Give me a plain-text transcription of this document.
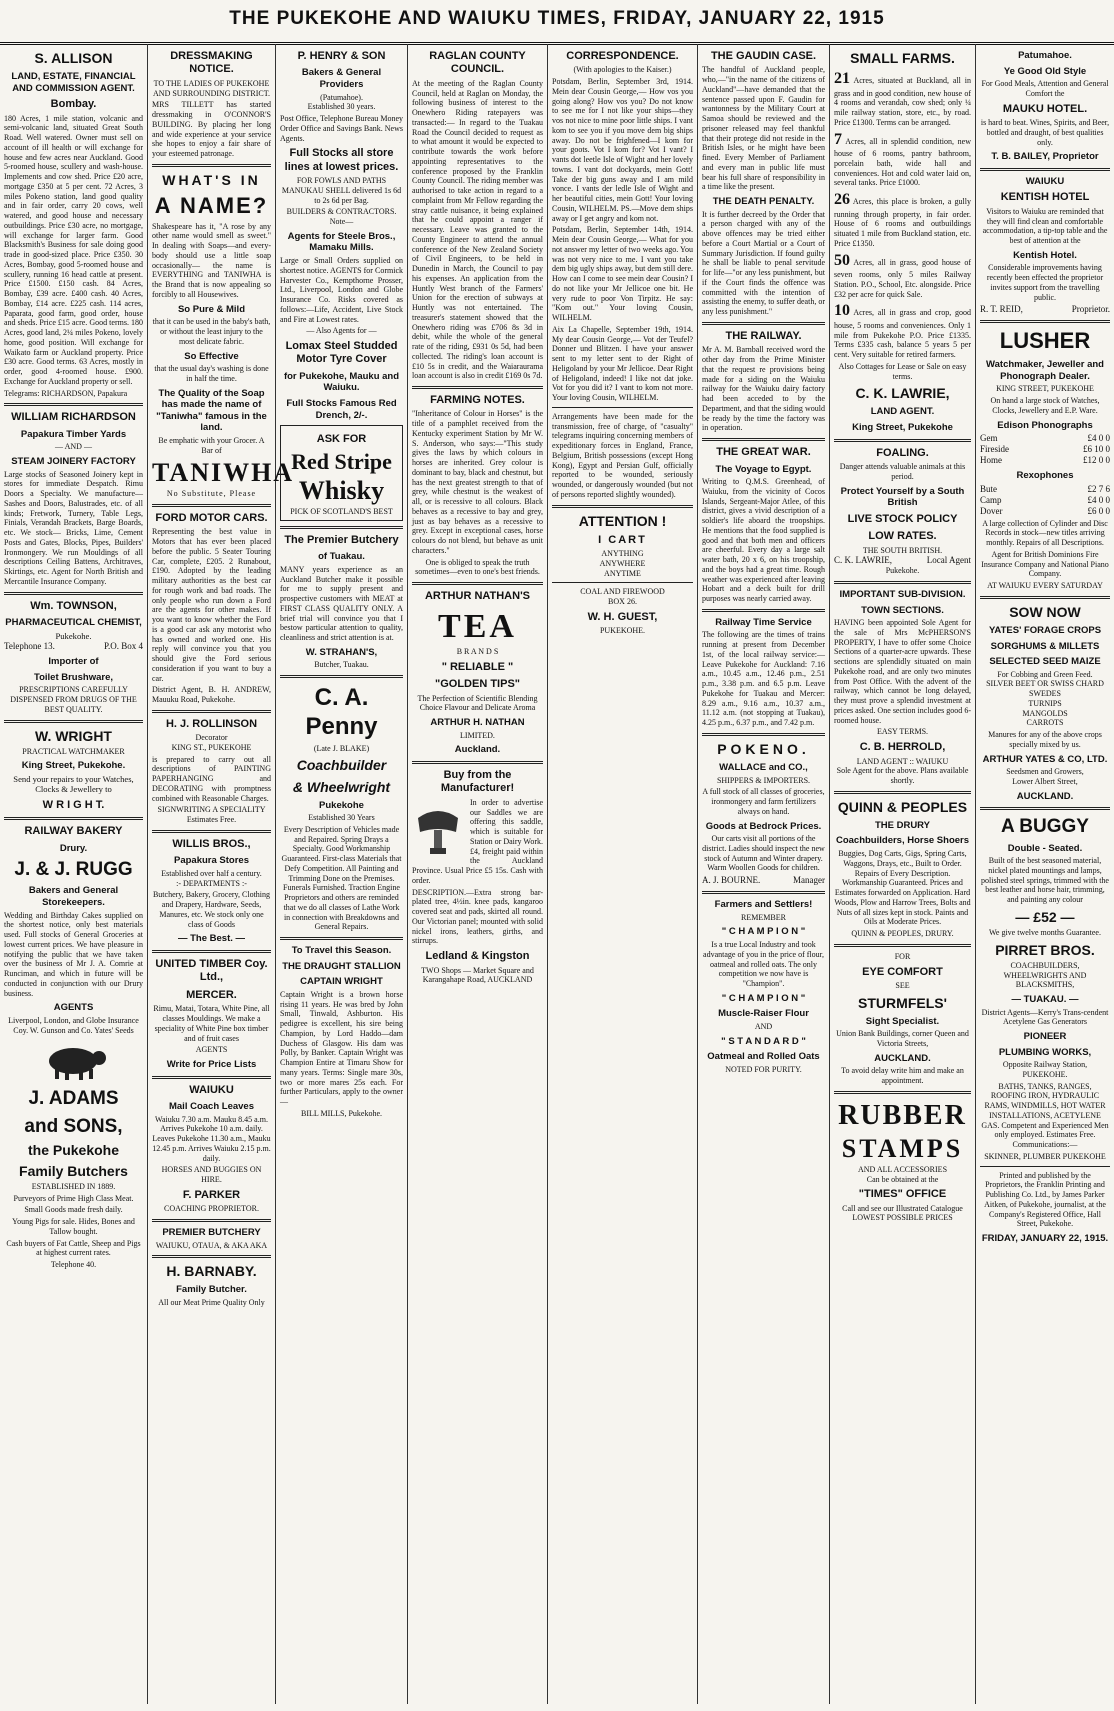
THE PUKEKOHE AND WAIUKU TIMES, FRIDAY, JANUARY 22, 1915
S. ALLISON
LAND, ESTATE, FINANCIAL AND COMMISSION AGENT.
Bombay.

180 Acres, 1 mile station, volcanic and semi-volcanic land, situated Great South Road. Well watered. Owner must sell on account of ill health or will exchange for house and few acres near Auckland. Good 5-roomed house, scullery and wash-house. Implements and cow shed. Price £20 acre, mortgage £350 at 5 per cent. 72 Acres, 3 miles Pokeno station, land good quality and in fair order, carry 20 cows, well watered, and good house and necessary outbuildings. Price £30 acre, no mortgage, will exchange for larger farm. Good Blacksmith's Business for sale doing good trade in good-sized place. Price £350. 30 Acres, Bombay, good 5-roomed house and scullery, running 16 head cattle at present. Price £1500. £150 cash. 84 Acres, Bombay, £39 acre. £400 cash. 40 Acres, Bombay, £14 acre. £225 cash. 114 acres, Paparata, good farm, good order, house and sheds. Price £15 acre. Good terms. 180 Acres, good land, 2¼ miles Pokeno, lovely home, good position. Will exchange for Waikato farm or Auckland property. Price £30 acre. Good terms. 63 Acres, mostly in order, good 4-roomed house. £900. Exchange for Auckland property or sell.

Telegrams: RICHARDSON, Papakura

WILLIAM RICHARDSON
Papakura Timber Yards
— AND —
STEAM JOINERY FACTORY

Large stocks of Seasoned Joinery kept in stores for immediate Despatch. Rimu Doors a Specialty. We manufacture— Sashes and Doors, Balustrades, etc. of all kinds; Fretwork, Turnery, Table Legs, Finials, Verandah Brackets, Barge Boards, etc. We stock— Bricks, Lime, Cement Posts and Gates, Blocks, Pipes, Builders' Ironmongery. We run Mouldings of all descriptions Ceiling Battens, Architraves, Skirtings, etc. Agent for North British and Mercantile Insurance Company.

Wm. TOWNSON,
PHARMACEUTICAL CHEMIST,
Pukekohe.
Telephone 13.	P.O. Box 4
Importer of
Toilet Brushware,

PRESCRIPTIONS CAREFULLY DISPENSED FROM DRUGS OF THE BEST QUALITY.

W. WRIGHT
PRACTICAL WATCHMAKER
King Street, Pukekohe.

Send your repairs to your Watches, Clocks & Jewellery to

W R I G H T.
RAILWAY BAKERY
Drury.
J. & J. RUGG
Bakers and General Storekeepers.

Wedding and Birthday Cakes supplied on the shortest notice, only best materials used. Full stocks of General Groceries at lowest current prices. We have pleasure in notifying the public that we have taken over the business of Mr J. A. Comrie at Runciman, and which in future will be conducted in conjunction with our Drury business.

AGENTS

Liverpool, London, and Globe Insurance Coy. W. Gunson and Co. Yates' Seeds

J. ADAMS
and SONS,
the Pukekohe
Family Butchers
ESTABLISHED IN 1889.

Purveyors of Prime High Class Meat.

Small Goods made fresh daily.

Young Pigs for sale. Hides, Bones and Tallow bought.

Cash buyers of Fat Cattle, Sheep and Pigs at highest current rates.

Telephone 40.
DRESSMAKING NOTICE.
TO THE LADIES OF PUKEKOHE AND SURROUNDING DISTRICT.

MRS TILLETT has started dressmaking in O'CONNOR'S BUILDING. By placing her long and wide experience at your service she hopes to enjoy a fair share of your esteemed patronage.

WHAT'S IN
A NAME?

Shakespeare has it, "A rose by any other name would smell as sweet." In dealing with Soaps—and every-body should use a little soap occasionally— the name is EVERYTHING and TANIWHA is the Brand that is now appealing so forcibly to all Housewives.

So Pure & Mild

that it can be used in the baby's bath, or without the least injury to the most delicate fabric.

So Effective

that the usual day's washing is done in half the time.

The Quality of the Soap has made the name of "Taniwha" famous in the land.

Be emphatic with your Grocer. A Bar of

TANIWHA
No Substitute, Please
FORD MOTOR CARS.

Representing the best value in Motors that has ever been placed before the public. 5 Seater Touring Car, complete, £205. 2 Runabout, £190. Adopted by the leading military authorities as the best car for rough work and bad roads. The only people who run down a Ford are the agents for other makes. If you want to know whether the Ford is a good car ask any motorist who has owned and worked one. His reply will convince you that you should give the Ford serious consideration if you want to buy a car.

District Agent, B. H. ANDREW, Mauuku Road, Pukekohe.

H. J. ROLLINSON
Decorator
KING ST., PUKEKOHE

is prepared to carry out all descriptions of PAINTING PAPERHANGING and DECORATING with promptness combined with Reasonable Charges.

SIGNWRITING A SPECIALITY
Estimates Free.
WILLIS BROS.,
Papakura Stores
Established over half a century.
:- DEPARTMENTS :-

Butchery, Bakery, Grocery, Clothing and Drapery, Hardware, Seeds, Manures, etc. We stock only one class of Goods

— The Best. —
UNITED TIMBER Coy. Ltd.,
MERCER.

Rimu, Matai, Totara, White Pine, all classes Mouldings. We make a speciality of White Pine box timber and of fruit cases

AGENTS
Write for Price Lists
WAIUKU
Mail Coach Leaves

Waiuku 7.30 a.m. Mauku 8.45 a.m. Arrives Pukekohe 10 a.m. daily. Leaves Pukekohe 11.30 a.m., Mauku 12.45 p.m. Arrives Waiuku 2.15 p.m. daily.

HORSES AND BUGGIES ON HIRE.
F. PARKER
COACHING PROPRIETOR.
PREMIER BUTCHERY
WAIUKU, OTAUA, & AKA AKA
H. BARNABY.
Family Butcher.
All our Meat Prime Quality Only
P. HENRY & SON
Bakers & General Providers
(Patumahoe).
Established 30 years.

Post Office, Telephone Bureau Money Order Office and Savings Bank. News Agents.

Full Stocks all store lines at lowest prices.

FOR FOWLS AND PATHS MANUKAU SHELL delivered 1s 6d to 2s 6d per Bag.

BUILDERS & CONTRACTORS. Note—
Agents for Steele Bros., Mamaku Mills.

Large or Small Orders supplied on shortest notice. AGENTS for Cormick Harvester Co., Kempthorne Prosser, Ltd., Liverpool, London and Globe Insurance Co. Risks covered as follows:—Life, Accident, Live Stock and Fire at Lowest rates.

— Also Agents for —
Lomax Steel Studded Motor Tyre Cover
for Pukekohe, Mauku and Waiuku.
Full Stocks Famous Red Drench, 2/-.
ASK FOR
Red Stripe
Whisky
PICK OF SCOTLAND'S BEST
The Premier Butchery
of Tuakau.

MANY years experience as an Auckland Butcher make it possible for me to supply present and prospective customers with MEAT at FIRST CLASS QUALITY ONLY. A brief trial will convince you that I bestow particular attention to quality, cleanliness and strict attention is at.

W. STRAHAN'S,
Butcher, Tuakau.
C. A. Penny
(Late J. BLAKE)
Coachbuilder
& Wheelwright
Pukekohe
Established 30 Years

Every Description of Vehicles made and Repaired. Spring Drays a Specialty. Good Workmanship Guaranteed. First-class Materials that Defy Competition. All Painting and Trimming Done on the Premises. Funerals Furnished. Traction Engine Proprietors and others are reminded that we do all classes of Lathe Work in connection with Breakdowns and General Repairs.

To Travel this Season.
THE DRAUGHT STALLION
CAPTAIN WRIGHT

Captain Wright is a brown horse rising 11 years. He was bred by John Small, Tinwald, Ashburton. His pedigree is excellent, his sire being Champion, by Lord Haddo—dam Duchess of Glasgow. His dam was Polly, by Banker. Captain Wright was Champion Entire at Timaru Show for many years. Terms: Single mare 30s, two or more mares 25s each. For further Particulars, apply to the owner—

BILL MILLS, Pukekohe.
RAGLAN COUNTY COUNCIL.

At the meeting of the Raglan County Council, held at Raglan on Monday, the following business of interest to the Onewhero Riding ratepayers was transacted:— In regard to the Tuakau Road the Council decided to request as to what amount it would be expected to contribute towards the work before appointing representatives to the conference proposed by the Franklin County Council. The riding member was authorised to take action in regard to a complaint from Mr Fellow regarding the stray cattle nuisance, it being explained that he could appoint a ranger if necessary. Leave was granted to the County Engineer to attend the annual conference of the New Zealand Society of Civil Engineers, to be held in Dunedin in March, the Council to pay his expenses. An application from the Huntly West branch of the Farmers' Union for the erection of subways at Huntly was not entertained. The treasurer's statement showed that the Onewhero riding was £706 8s 3d in debit, while the whole of the general rate of the riding, £931 0s 5d, had been collected. The riding's loan account is £10 5s in credit, and the Waiaraurama loan account is also in credit £169 0s 7d.

FARMING NOTES.

"Inheritance of Colour in Horses" is the title of a pamphlet received from the Kentucky experiment Station by Mr W. S. Anderson, who says:—"This study gives the laws by which colours in horses are inherited. Grey colour is dominant to bay, black and chestnut, but has the next greatest strength to that of grey, while chestnut is the weakest of all, or is recessive to all colours. Black behaves as a recessive to bay and grey, just as bay behaves as a recessive to grey. Except in exceptional cases, horse colours do not blend, but behave as unit characters."

One is obliged to speak the truth sometimes—even to one's best friends.

ARTHUR NATHAN'S
TEA
B R A N D S
" RELIABLE "
"GOLDEN TIPS"
The Perfection of Scientific Blending
Choice Flavour and Delicate Aroma
ARTHUR H. NATHAN
LIMITED.
Auckland.
Buy from the Manufacturer!

In order to advertise our Saddles we are offering this saddle, which is suitable for Station or Dairy Work. £4, freight paid within the Auckland Province. Usual Price £5 15s. Cash with order.

DESCRIPTION.—Extra strong bar-plated tree, 4½in. knee pads, kangaroo covered seat and pads, skirted all round. Our Victorian panel; mounted with solid nickel irons, leathers, girths, and stirrups.

Ledland & Kingston
TWO Shops — Market Square and Karangahape Road, AUCKLAND
CORRESPONDENCE.
(With apologies to the Kaiser.)

Potsdam, Berlin, September 3rd, 1914. Mein dear Cousin George,— How vos you going along? How vos you? Do not know to see me for I not like your ships—they vos not nice to mine poor little ships. I vant kom to see you if you move dem big ships away. Do not be frighfened—I kom for your goots. Vot I kom for? Vot I vant? I vants dot leetle Isle of Wight and her lovely towns. I vant dot dockyards, mein Gott! Take der big guns away and I am mild vonce. I vants der ledle Isle of Wight and her beautiful cities, mein Gott! Your loving Cousin, WILHELM. PS.—Move dem ships away or I get angry and kom not.

Potsdam, Berlin, September 14th, 1914. Mein dear Cousin George,— What for you not answer my letter of two weeks ago. You was not very nice to me. I vant you take dem big ugly ships away, but dem still dere. How can I come to see mein dear Cousin? I do not like your Mr Jellicoe one bit. He very rude to poor Von Tirpitz. He say: "Kom out." Your loving Cousin, WILHELM.

Aix La Chapelle, September 19th, 1914. My dear Cousin George,— Vot der Teufel? Donner und Blitzen. I have your answer sent to my letter sent to der Right of Heligoland by your Mr Jellicoe. Dear Right of Heligoland, indeed! I like not dat joke. Vot for you did it? I vant to kom not more. Your loving Cousin, WILHELM.

Arrangements have been made for the transmission, free of charge, of "casualty" telegrams inquiring concerning members of expeditionary forces in England, France, Belgium, British possessions (except Hong Kong), Egypt and Persian Gulf, officially reported to be wounded, seriously wounded, or dangerously wounded (but not of persons reported slightly wounded).

ATTENTION !
I CART
ANYTHING
ANYWHERE
ANYTIME
COAL AND FIREWOOD
BOX 26.
W. H. GUEST,
PUKEKOHE.
THE GAUDIN CASE.

The handful of Auckland people, who,—"in the name of the citizens of Auckland"—have demanded that the sentence passed upon F. Gaudin for wantonness by the Military Court at Samoa should be reviewed and the prisoner released may feel thankful that their protege did not reside in the British Isles, or he might have been fined. Every Member of Parliament and every man in public life must bear his full share of responsibility in a time like the present.

THE DEATH PENALTY.

It is further decreed by the Order that a person charged with any of the above offences may be tried either before a Court Martial or a Court of Summary Jurisdiction. If found guilty he shall be liable to penal servitude for life—"or any less punishment, but if the Court finds the offence was committed with the intention of assisting the enemy, to suffer death, or any less punishment."

THE RAILWAY.

Mr A. M. Barnball received word the other day from the Prime Minister that the request re provisions being made for a siding on the Waiuku railway for the Waiuku dairy factory had been acceded to by the Department, and that the siding would be ready by the time the factory was in operation.

THE GREAT WAR.
The Voyage to Egypt.

Writing to Q.M.S. Greenhead, of Waiuku, from the vicinity of Cocos Islands, Sergeant-Major Atlee, of this district, gives a vivid description of a soldier's life aboard the troopships. He mentions that the food supplied is good and that both men and officers are cheerful. Every day a large salt water bath, 20 x 6, on his troopship, and the boys had a great time. Rough weather was experienced after leaving Hobart and a deck built for drill purposes was nearly carried away.

Railway Time Service

The following are the times of trains running at present from December 1st, of the local railway service:— Leave Pukekohe for Auckland: 7.16 a.m., 10.45 a.m., 12.46 p.m., 2.51 p.m., 3.38 p.m. and 6.5 p.m. Leave Pukekohe for Tuakau and Mercer: 8.29 a.m., 9.16 a.m., 10.37 a.m., 11.12 a.m. (not stopping at Tuakau), 4.25 p.m., 6.37 p.m., and 7.42 p.m.

POKENO.
WALLACE and CO.,
SHIPPERS & IMPORTERS.

A full stock of all classes of groceries, ironmongery and farm fertilizers always on hand.

Goods at Bedrock Prices.

Our carts visit all portions of the district. Ladies should inspect the new stock of Autumn and Winter drapery. Warm Woollen Goods for children.

A. J. BOURNE.	Manager
Farmers and Settlers!
REMEMBER
" C H A M P I O N "

Is a true Local Industry and took advantage of you in the price of flour, oatmeal and rolled oats. The only competition we now have is "Champion".

" C H A M P I O N "
Muscle-Raiser Flour
AND
" S T A N D A R D "
Oatmeal and Rolled Oats
NOTED FOR PURITY.
SMALL FARMS.

21 Acres, situated at Buckland, all in grass and in good condition, new house of 4 rooms and verandah, cow shed; only ¼ mile railway station, store, etc., by road. Price £1300. Terms can be arranged.

7 Acres, all in splendid condition, new house of 6 rooms, pantry bathroom, porcelain bath, wide hall and conveniences. Hot and cold water laid on, several tanks. Price £1000.

26 Acres, this place is broken, a gully running through property, in fair order. House of 6 rooms and outbuildings situated 1 mile from Buckland station, etc. Price £1350.

50 Acres, all in grass, good house of seven rooms, only 5 miles Railway Station. P.O., School, Etc. alongside. Price £32 per acre for quick Sale.

10 Acres, all in grass and crop, good house, 5 rooms and conveniences. Only 1 mile from Pukekohe P.O. Price £1335. Terms £335 cash, balance 5 years 5 per cent. Very suitable for retired farmers.

Also Cottages for Lease or Sale on easy terms.
C. K. LAWRIE,
LAND AGENT.
King Street, Pukekohe
FOALING.
Danger attends valuable animals at this period.
Protect Yourself by a South British
LIVE STOCK POLICY
LOW RATES.
THE SOUTH BRITISH.
C. K. LAWRIE,	Local Agent
Pukekohe.
IMPORTANT SUB-DIVISION.
TOWN SECTIONS.

HAVING been appointed Sole Agent for the sale of Mrs McPHERSON'S PROPERTY, I have to offer some Choice Sections of a quarter-acre upwards. These sections are splendidly situated on main Pukekohe road, and are only two minutes from Post Office. With the advent of the railway, which cannot be long delayed, they must prove a splendid investment at prices asked. One section includes good 6-roomed house.

EASY TERMS.
C. B. HERROLD,
LAND AGENT :: WAIUKU
Sole Agent for the above. Plans available shortly.
QUINN & PEOPLES
THE DRURY
Coachbuilders, Horse Shoers

Buggies, Dog Carts, Gigs, Spring Carts, Waggons, Drays, etc., Built to Order. Repairs of Every Description. Workmanship Guaranteed. Prices and Estimates forwarded on Application. Hard Woods, Plow and Harrow Trees, Bolts and Nuts of all sizes kept in stock. Paints and Oils at Moderate Prices.

QUINN & PEOPLES, DRURY.
FOR
EYE COMFORT
SEE
STURMFELS'
Sight Specialist.
Union Bank Buildings, corner Queen and Victoria Streets,
AUCKLAND.
To avoid delay write him and make an appointment.
RUBBER
STAMPS
AND ALL ACCESSORIES
Can be obtained at the
"TIMES" OFFICE
Call and see our Illustrated Catalogue
LOWEST POSSIBLE PRICES
Patumahoe.
Ye Good Old Style
For Good Meals, Attention and General Comfort the
MAUKU HOTEL.
is hard to beat. Wines, Spirits, and Beer, bottled and draught, of best qualities only.
T. B. BAILEY, Proprietor
WAIUKU
KENTISH HOTEL

Visitors to Waiuku are reminded that they will find clean and comfortable accommodation, a tip-top table and the best of attention at the

Kentish Hotel.

Considerable improvements having recently been effected the proprietor invites support from the travelling public.

R. T. REID,	Proprietor.
LUSHER
Watchmaker, Jeweller and Phonograph Dealer.
KING STREET, PUKEKOHE

On hand a large stock of Watches, Clocks, Jewellery and E.P. Ware.

Edison Phonographs
Gem	£4 0 0
Fireside	£6 10 0
Home	£12 0 0
Rexophones
Bute	£2 7 6
Camp	£4 0 0
Dover	£6 0 0

A large collection of Cylinder and Disc Records in stock—new titles arriving monthly. Repairs of all Descriptions.

Agent for British Dominions Fire Insurance Company and National Piano Company.

AT WAIUKU EVERY SATURDAY
SOW NOW
YATES' FORAGE CROPS
SORGHUMS & MILLETS
SELECTED SEED MAIZE
For Cobbing and Green Feed.
SILVER BEET OR SWISS CHARD
SWEDES
TURNIPS
MANGOLDS
CARROTS

Manures for any of the above crops specially mixed by us.

ARTHUR YATES & CO, LTD.
Seedsmen and Growers,
Lower Albert Street,
AUCKLAND.
A BUGGY
Double - Seated.

Built of the best seasoned material, nickel plated mountings and lamps, polished steel springs, trimmed with the best leather and horse hair, trimming, and painting any colour

— £52 —
We give twelve months Guarantee.
PIRRET BROS.
COACHBUILDERS, WHEELWRIGHTS AND BLACKSMITHS,
— TUAKAU. —
District Agents—Kerry's Trans-cendent Acetylene Gas Generators
PIONEER
PLUMBING WORKS,
Opposite Railway Station,
PUKEKOHE.

BATHS, TANKS, RANGES, ROOFING IRON, HYDRAULIC RAMS, WINDMILLS, HOT WATER INSTALLATIONS, ACETYLENE GAS. Competent and Experienced Men only employed. Estimates Free. Communications:—

SKINNER, PLUMBER PUKEKOHE

Printed and published by the Proprietors, the Franklin Printing and Publishing Co. Ltd., by James Parker Aitken, of Pukekohe, journalist, at the Company's Registered Office, Hall Street, Pukekohe.

FRIDAY, JANUARY 22, 1915.
